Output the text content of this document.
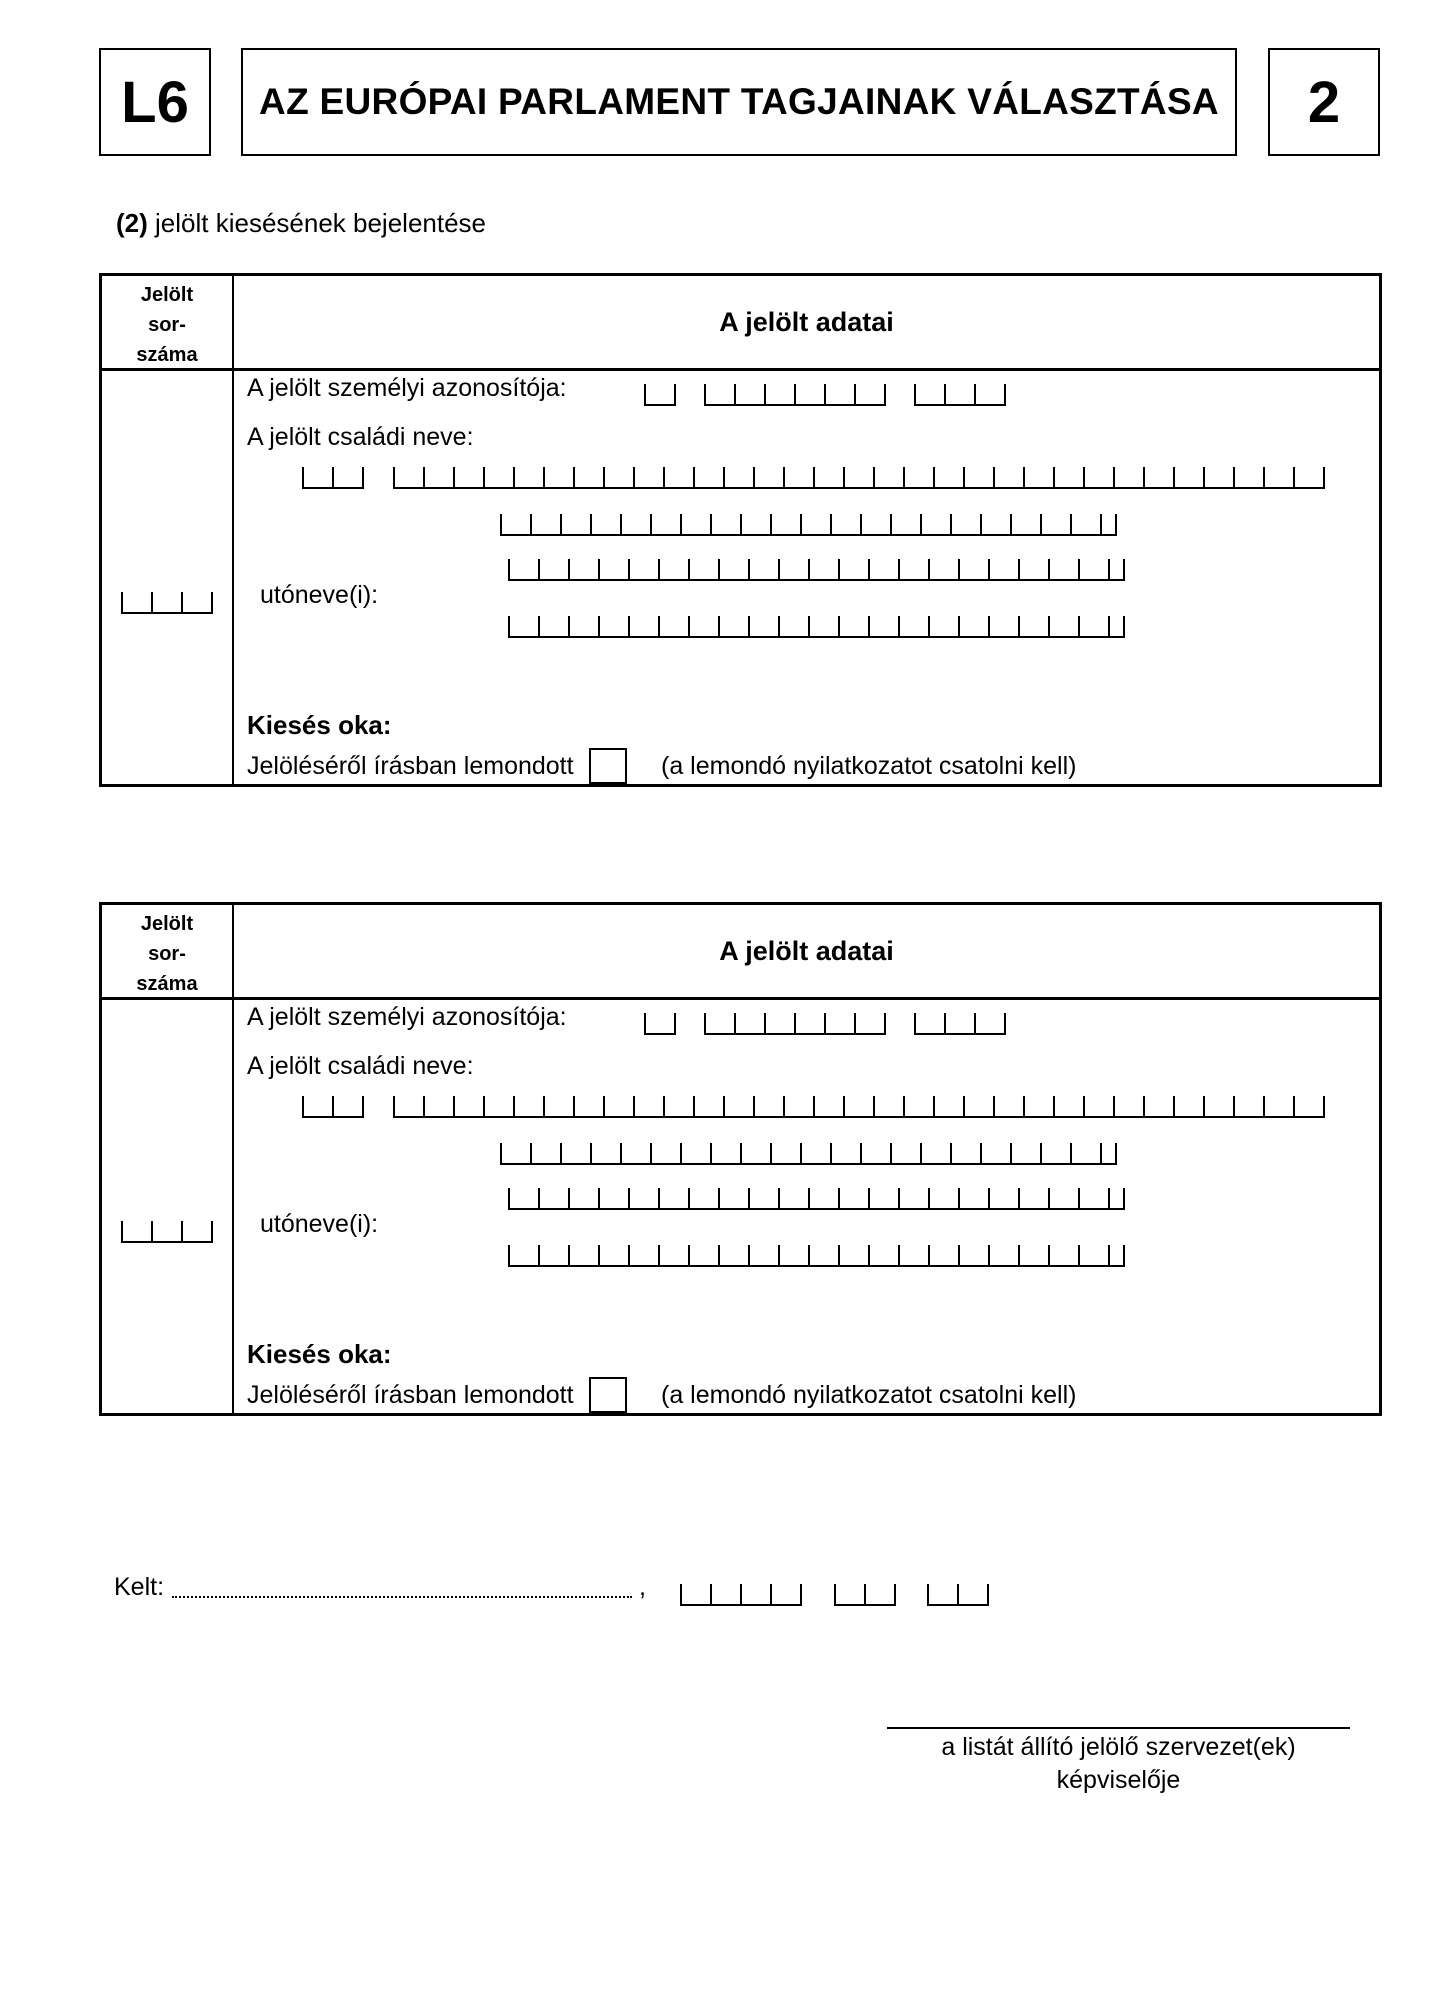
L6 AZ EURÓPAI PARLAMENT TAGJAINAK VÁLASZTÁSA 2
(2) jelölt kiesésének bejelentése
Jelölt
sor-
száma
A jelölt adatai
A jelölt személyi azonosítója:
A jelölt családi neve:
utóneve(i):
Kiesés oka:
Jelöléséről írásban lemondott	(a lemondó nyilatkozatot csatolni kell)
Jelölt
sor-
száma
A jelölt adatai
A jelölt személyi azonosítója:
A jelölt családi neve:
utóneve(i):
Kiesés oka:
Jelöléséről írásban lemondott	(a lemondó nyilatkozatot csatolni kell)
Kelt:	,
a listát állító jelölő szervezet(ek)
képviselője
